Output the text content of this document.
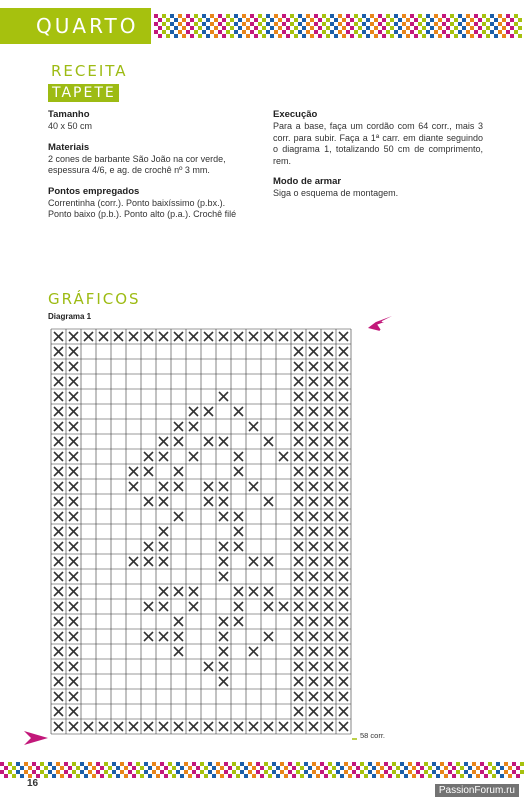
QUARTO
RECEITA
TAPETE
Tamanho

40 x 50 cm

Materiais

2 cones de barbante São João na cor verde, espessura 4/6, e ag. de crochê nº 3 mm.

Pontos empregados
Correntinha (corr.). Ponto baixíssimo (p.bx.).
Ponto baixo (p.b.). Ponto alto (p.a.). Crochê filé
Execução

Para a base, faça um cordão com 64 corr., mais 3 corr. para subir. Faça a 1ª carr. em diante seguindo o diagrama 1, totalizando 50 cm de comprimento, rem.

Modo de armar

Siga o esquema de montagem.

GRÁFICOS
Diagrama 1
58 corr.
16
PassionForum.ru
